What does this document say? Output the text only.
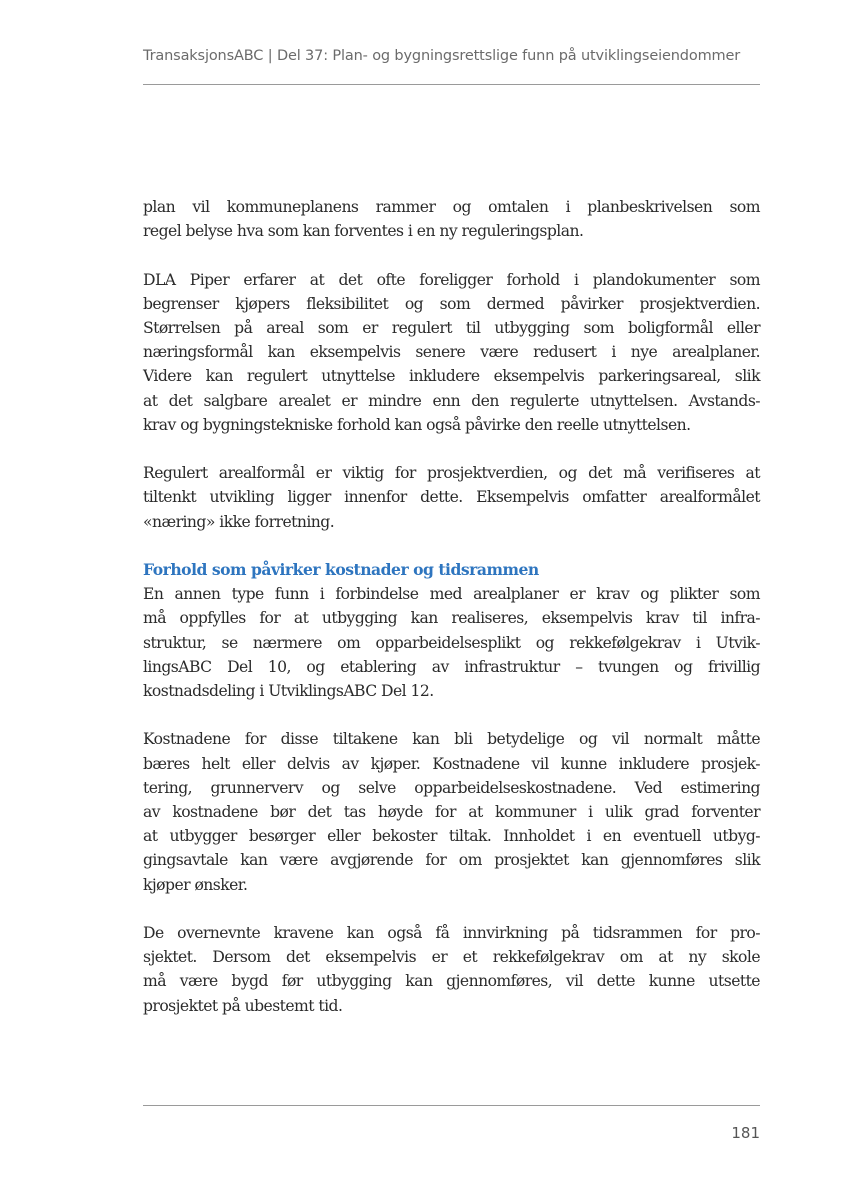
TransaksjonsABC | Del 37: Plan- og bygningsrettslige funn på utviklingseiendommer

plan vil kommuneplanens rammer og omtalen i planbeskrivelsen som
regel belyse hva som kan forventes i en ny reguleringsplan.

DLA Piper erfarer at det ofte foreligger forhold i plandokumenter som
begrenser kjøpers fleksibilitet og som dermed påvirker prosjektverdien.
Størrelsen på areal som er regulert til utbygging som boligformål eller
næringsformål kan eksempelvis senere være redusert i nye arealplaner.
Videre kan regulert utnyttelse inkludere eksempelvis parkeringsareal, slik
at det salgbare arealet er mindre enn den regulerte utnyttelsen. Avstands-
krav og bygningstekniske forhold kan også påvirke den reelle utnyttelsen.

Regulert arealformål er viktig for prosjektverdien, og det må verifiseres at
tiltenkt utvikling ligger innenfor dette. Eksempelvis omfatter arealformålet
«næring» ikke forretning.

Forhold som påvirker kostnader og tidsrammen

En annen type funn i forbindelse med arealplaner er krav og plikter som
må oppfylles for at utbygging kan realiseres, eksempelvis krav til infra-
struktur, se nærmere om opparbeidelsesplikt og rekkefølgekrav i Utvik-
lingsABC Del 10, og etablering av infrastruktur – tvungen og frivillig
kostnadsdeling i UtviklingsABC Del 12.

Kostnadene for disse tiltakene kan bli betydelige og vil normalt måtte
bæres helt eller delvis av kjøper. Kostnadene vil kunne inkludere prosjek-
tering, grunnerverv og selve opparbeidelseskostnadene. Ved estimering
av kostnadene bør det tas høyde for at kommuner i ulik grad forventer
at utbygger besørger eller bekoster tiltak. Innholdet i en eventuell utbyg-
gingsavtale kan være avgjørende for om prosjektet kan gjennomføres slik
kjøper ønsker.

De overnevnte kravene kan også få innvirkning på tidsrammen for pro-
sjektet. Dersom det eksempelvis er et rekkefølgekrav om at ny skole
må være bygd før utbygging kan gjennomføres, vil dette kunne utsette
prosjektet på ubestemt tid.

181
